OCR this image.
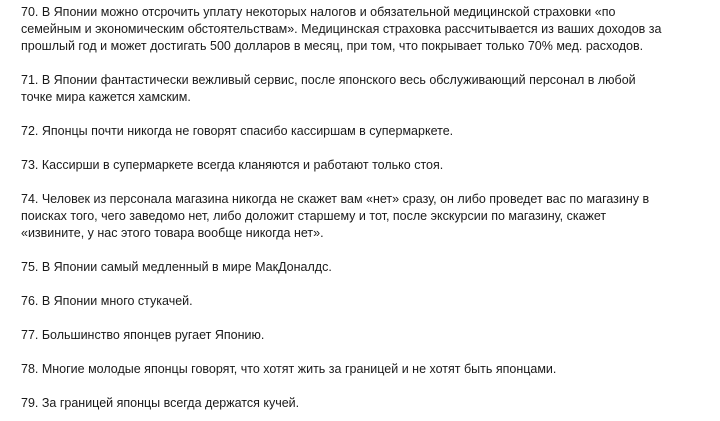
70. В Японии можно отсрочить уплату некоторых налогов и обязательной медицинской страховки «по
семейным и экономическим обстоятельствам». Медицинская страховка рассчитывается из ваших доходов за
прошлый год и может достигать 500 долларов в месяц, при том, что покрывает только 70% мед. расходов.

71. В Японии фантастически вежливый сервис, после японского весь обслуживающий персонал в любой
точке мира кажется хамским.

72. Японцы почти никогда не говорят спасибо кассиршам в супермаркете.

73. Кассирши в супермаркете всегда кланяются и работают только стоя.

74. Человек из персонала магазина никогда не скажет вам «нет» сразу, он либо проведет вас по магазину в
поисках того, чего заведомо нет, либо доложит старшему и тот, после экскурсии по магазину, скажет
«извините, у нас этого товара вообще никогда нет».

75. В Японии самый медленный в мире МакДоналдс.

76. В Японии много стукачей.

77. Большинство японцев ругает Японию.

78. Многие молодые японцы говорят, что хотят жить за границей и не хотят быть японцами.

79. За границей японцы всегда держатся кучей.
